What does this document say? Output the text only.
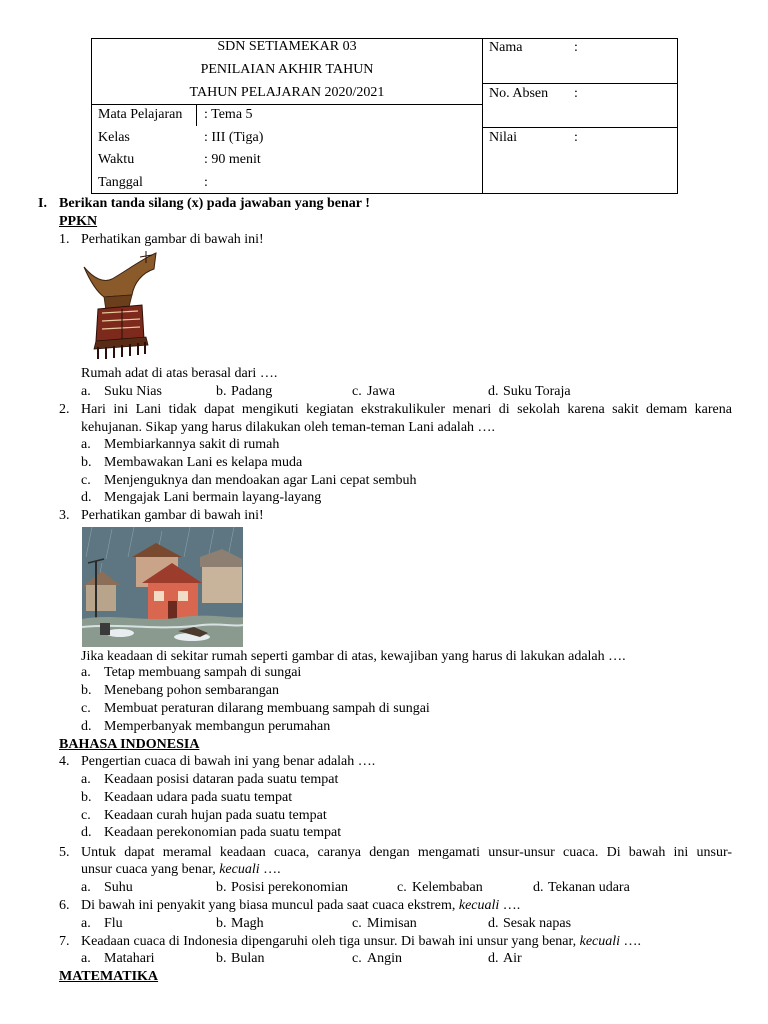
SDN SETIAMEKAR 03
PENILAIAN AKHIR TAHUN
TAHUN PELAJARAN 2020/2021
Mata Pelajaran : Tema 5
Kelas	: III (Tiga)
Waktu	: 90 menit
Tanggal	:
Nama	:
No. Absen :
Nilai	:
I. Berikan tanda silang (x) pada jawaban yang benar !
PPKN
1. Perhatikan gambar di bawah ini!
Rumah adat di atas berasal dari ….
a. Suku Nias	b. Padang	c. Jawa	d. Suku Toraja
2. Hari ini Lani tidak dapat mengikuti kegiatan ekstrakulikuler menari di sekolah karena sakit demam karena
kehujanan. Sikap yang harus dilakukan oleh teman-teman Lani adalah ….
a. Membiarkannya sakit di rumah
b. Membawakan Lani es kelapa muda
c. Menjenguknya dan mendoakan agar Lani cepat sembuh
d. Mengajak Lani bermain layang-layang
3. Perhatikan gambar di bawah ini!
Jika keadaan di sekitar rumah seperti gambar di atas, kewajiban yang harus di lakukan adalah ….
a. Tetap membuang sampah di sungai
b. Menebang pohon sembarangan
c. Membuat peraturan dilarang membuang sampah di sungai
d. Memperbanyak membangun perumahan
BAHASA INDONESIA
4. Pengertian cuaca di bawah ini yang benar adalah ….
a. Keadaan posisi dataran pada suatu tempat
b. Keadaan udara pada suatu tempat
c. Keadaan curah hujan pada suatu tempat
d. Keadaan perekonomian pada suatu tempat
5. Untuk dapat meramal keadaan cuaca, caranya dengan mengamati unsur-unsur cuaca. Di bawah ini unsur-
unsur cuaca yang benar, kecuali ….
a. Suhu	b. Posisi perekonomian	c. Kelembaban	d. Tekanan udara
6. Di bawah ini penyakit yang biasa muncul pada saat cuaca ekstrem, kecuali ….
a. Flu	b. Magh	c. Mimisan	d. Sesak napas
7. Keadaan cuaca di Indonesia dipengaruhi oleh tiga unsur. Di bawah ini unsur yang benar, kecuali ….
a. Matahari	b. Bulan	c. Angin	d. Air
MATEMATIKA
